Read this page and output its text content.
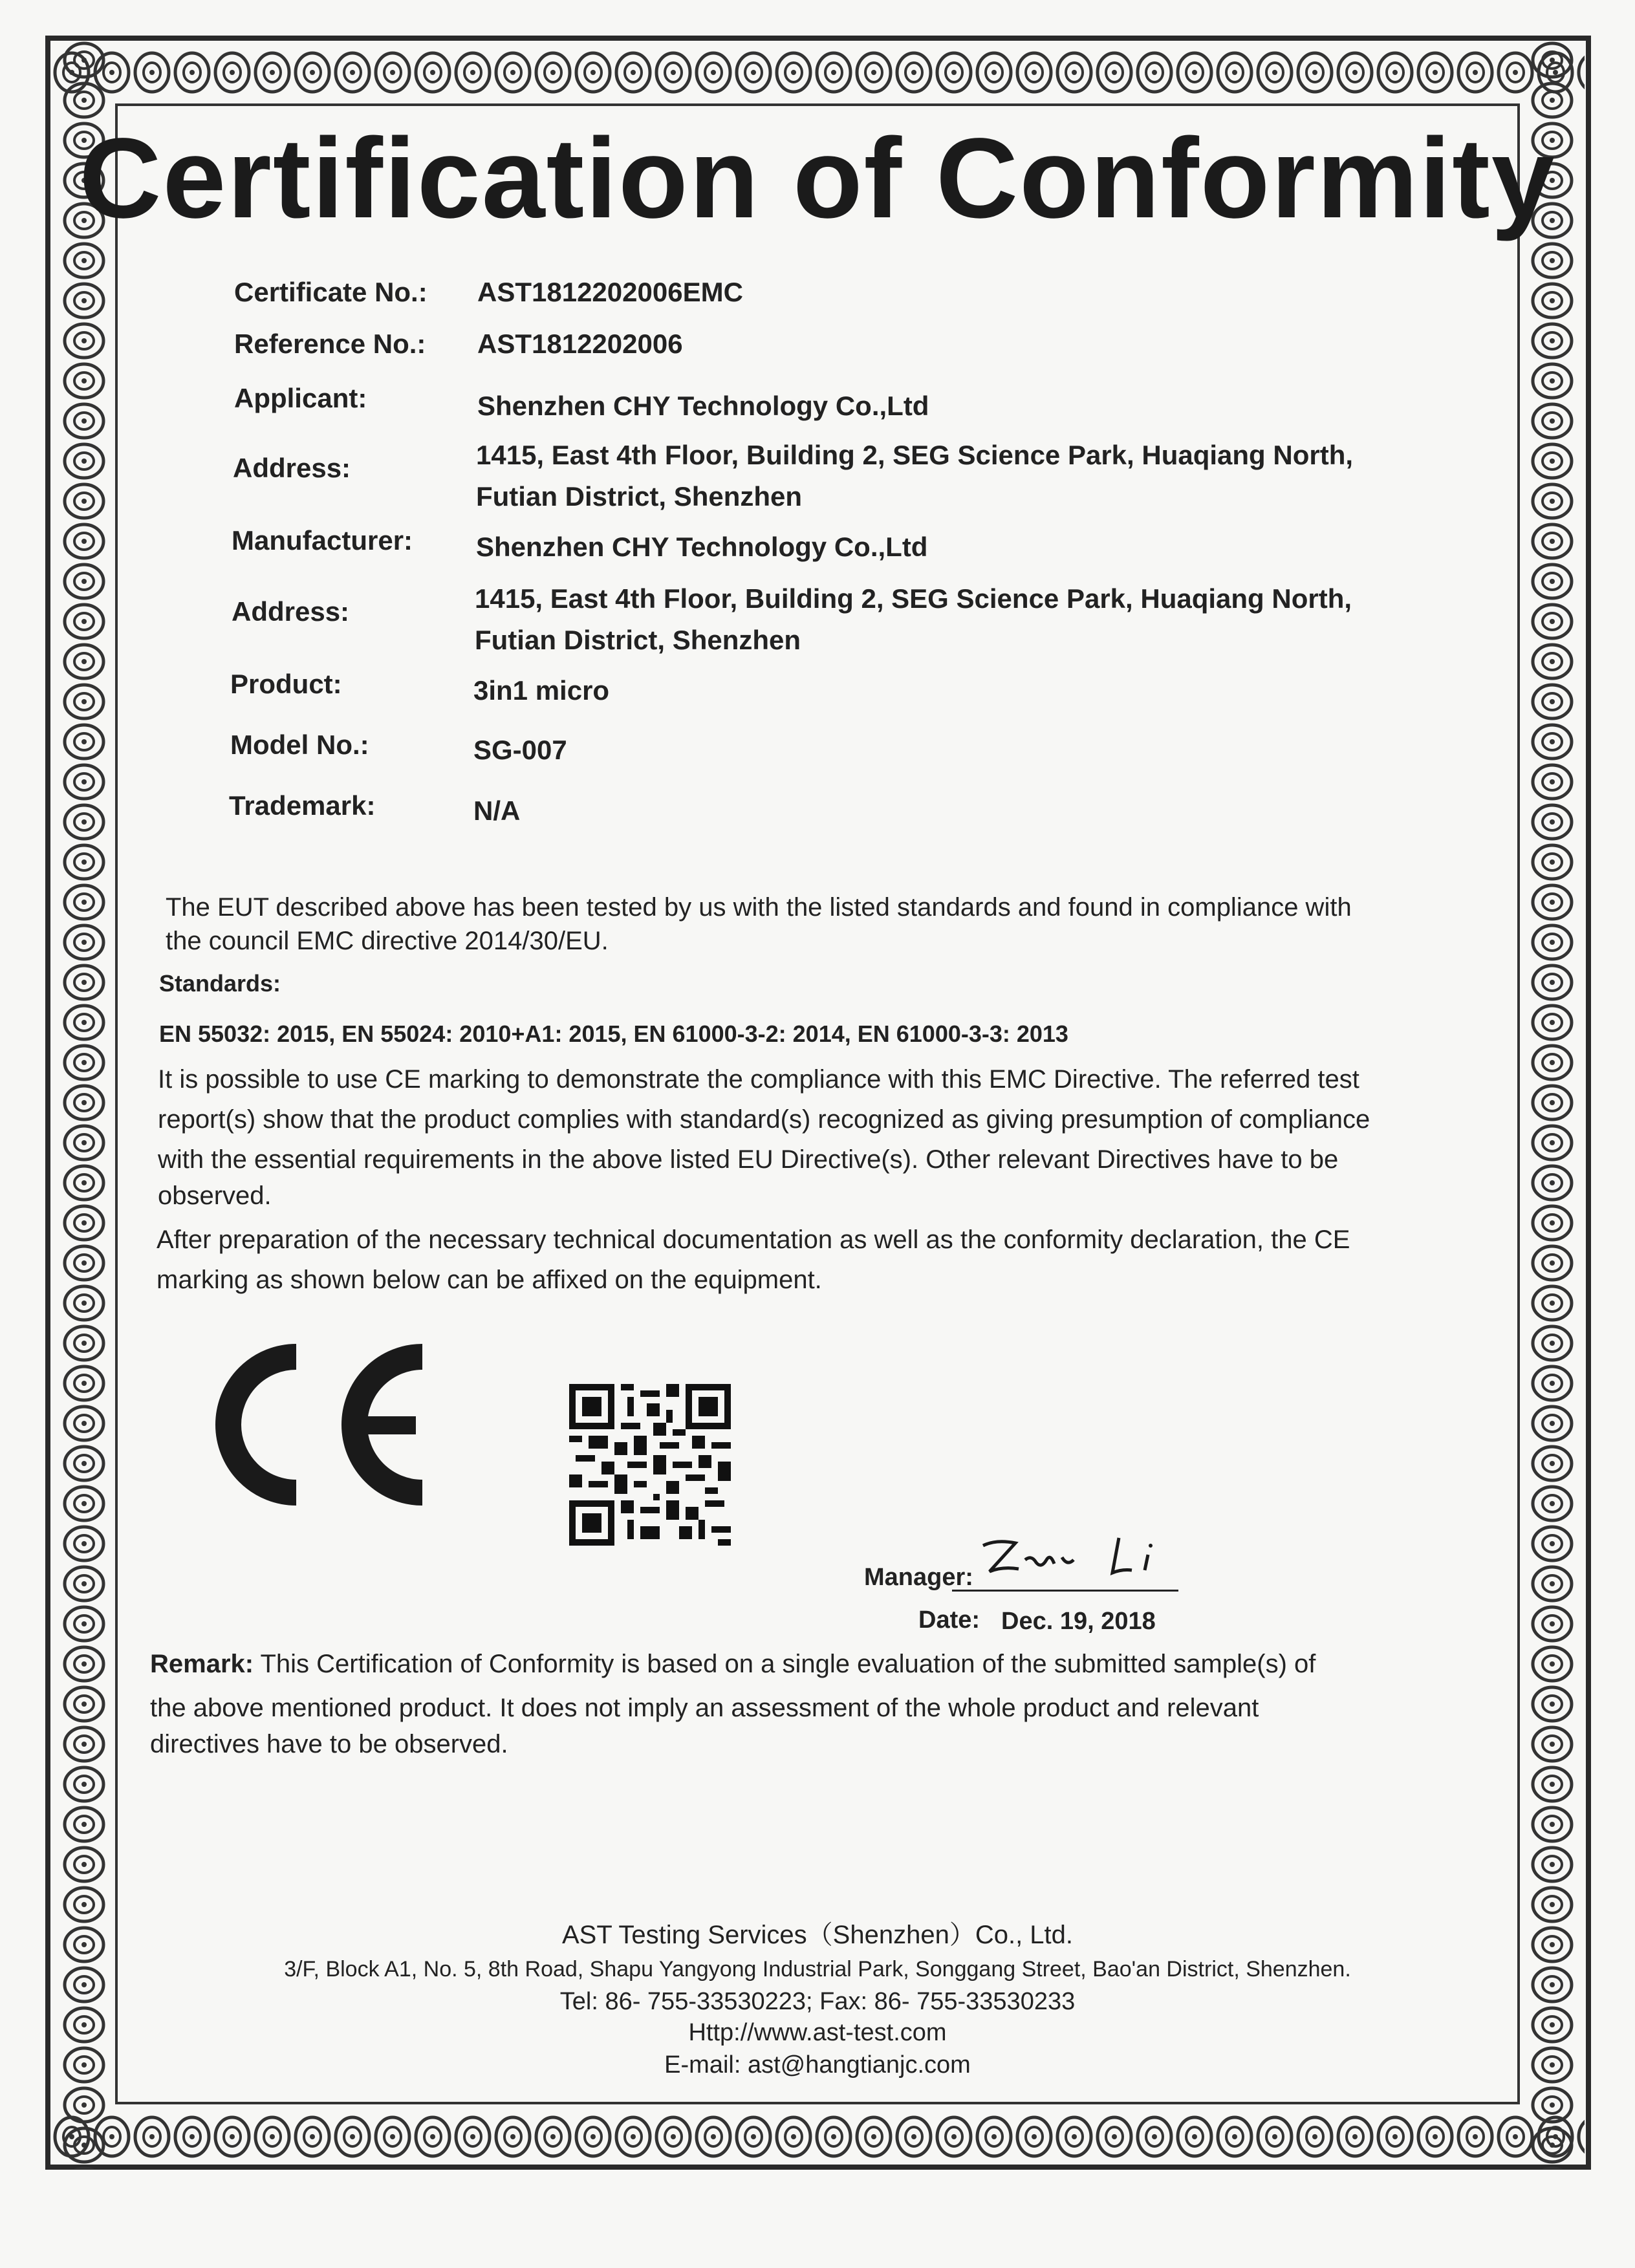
Certification of Conformity
Certificate No.: AST1812202006EMC
Reference No.: AST1812202006
Applicant:	Shenzhen CHY Technology Co.,Ltd
Address:	1415, East 4th Floor, Building 2, SEG Science Park, Huaqiang North,
Futian District, Shenzhen
Manufacturer: Shenzhen CHY Technology Co.,Ltd
Address:	1415, East 4th Floor, Building 2, SEG Science Park, Huaqiang North,
Futian District, Shenzhen
Product:	3in1 micro
Model No.:	SG-007
Trademark:	N/A
The EUT described above has been tested by us with the listed standards and found in compliance with
the council EMC directive 2014/30/EU.
Standards:
EN 55032: 2015, EN 55024: 2010+A1: 2015, EN 61000-3-2: 2014, EN 61000-3-3: 2013
It is possible to use CE marking to demonstrate the compliance with this EMC Directive. The referred test
report(s) show that the product complies with standard(s) recognized as giving presumption of compliance
with the essential requirements in the above listed EU Directive(s). Other relevant Directives have to be
observed.
After preparation of the necessary technical documentation as well as the conformity declaration, the CE
marking as shown below can be affixed on the equipment.
Manager:
Date: Dec. 19, 2018
Remark: This Certification of Conformity is based on a single evaluation of the submitted sample(s) of
the above mentioned product. It does not imply an assessment of the whole product and relevant
directives have to be observed.
AST Testing Services（Shenzhen）Co., Ltd.
3/F, Block A1, No. 5, 8th Road, Shapu Yangyong Industrial Park, Songgang Street, Bao'an District, Shenzhen.
Tel: 86- 755-33530223; Fax: 86- 755-33530233
Http://www.ast-test.com
E-mail: ast@hangtianjc.com
